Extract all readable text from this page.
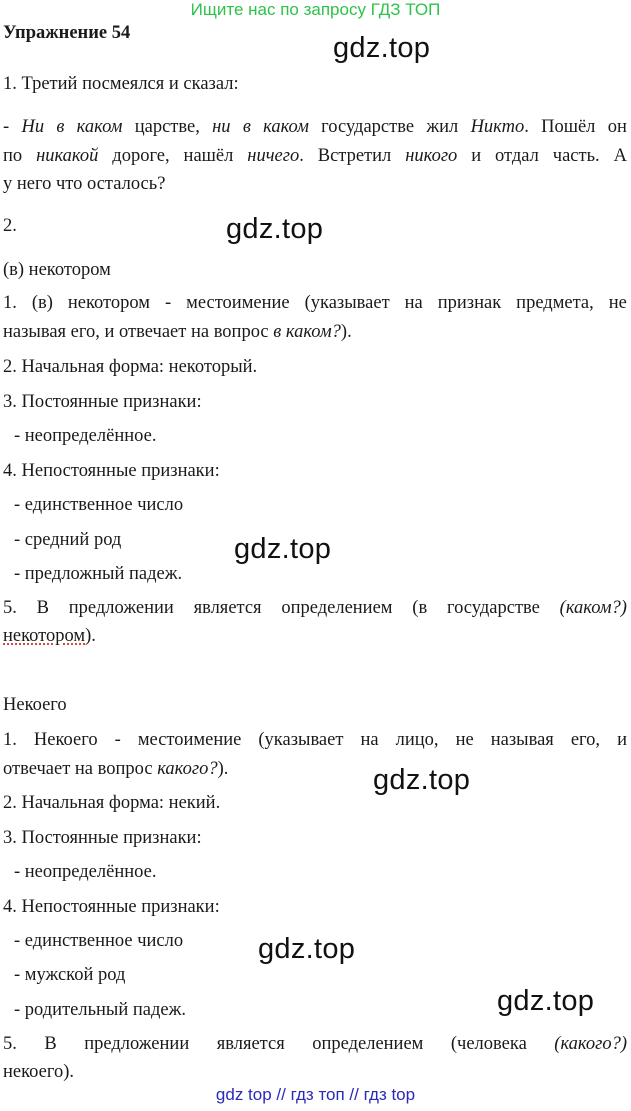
Ищите нас по запросу ГДЗ ТОП
Упражнение 54	gdz.top
gdz.top
gdz.top
gdz.top
gdz.top
gdz.top
1. Третий посмеялся и сказал:
- Ни в каком царстве, ни в каком государстве жил Никто. Пошёл он
по никакой дороге, нашёл ничего. Встретил никого и отдал часть. А
у него что осталось?
2.
(в) некотором
1. (в) некотором - местоимение (указывает на признак предмета, не
называя его, и отвечает на вопрос в каком?).
2. Начальная форма: некоторый.
3. Постоянные признаки:
- неопределённое.
4. Непостоянные признаки:
- единственное число
- средний род
- предложный падеж.
5. В предложении является определением (в государстве (каком?)
некотором).
Некоего
1. Некоего - местоимение (указывает на лицо, не называя его, и
отвечает на вопрос какого?).
2. Начальная форма: некий.
3. Постоянные признаки:
- неопределённое.
4. Непостоянные признаки:
- единственное число
- мужской род
- родительный падеж.
5. В предложении является определением (человека (какого?)
некоего).
gdz top // гдз топ // гдз top
